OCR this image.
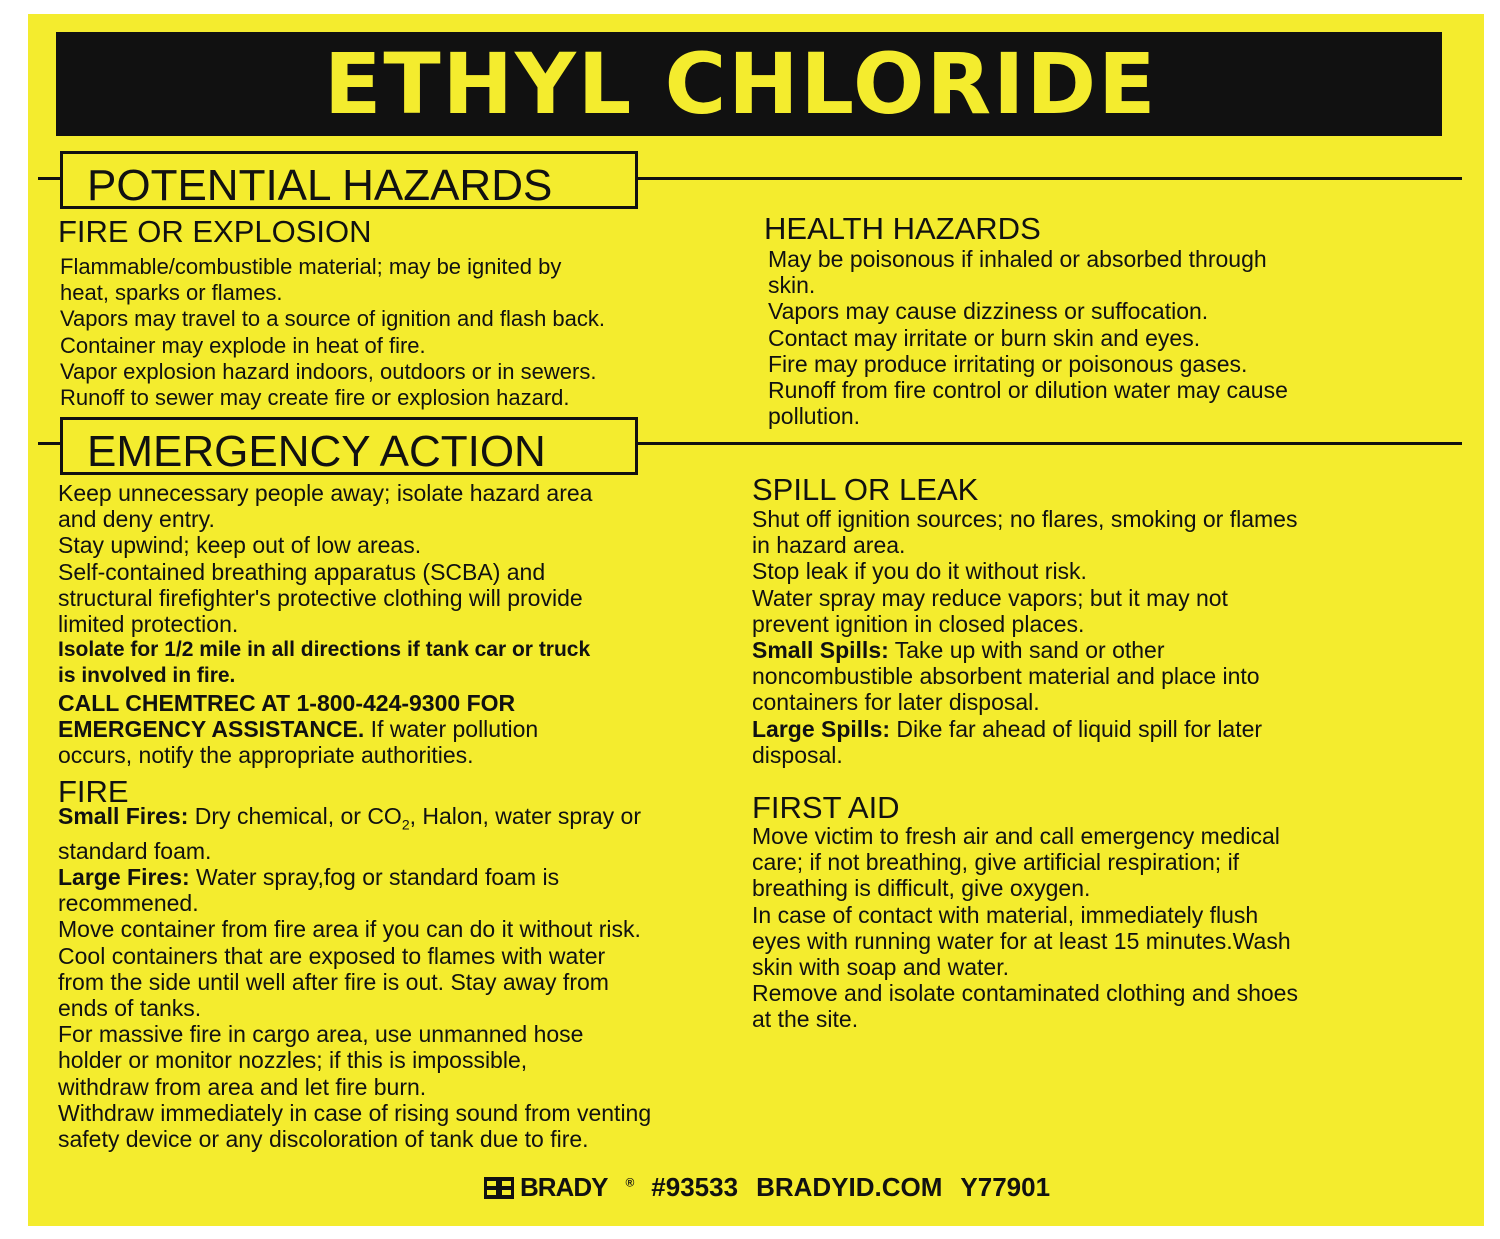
ETHYL CHLORIDE
POTENTIAL HAZARDS
FIRE OR EXPLOSION
Flammable/combustible material; may be ignited by
heat, sparks or flames.
Vapors may travel to a source of ignition and flash back.
Container may explode in heat of fire.
Vapor explosion hazard indoors, outdoors or in sewers.
Runoff to sewer may create fire or explosion hazard.
HEALTH HAZARDS
May be poisonous if inhaled or absorbed through
skin.
Vapors may cause dizziness or suffocation.
Contact may irritate or burn skin and eyes.
Fire may produce irritating or poisonous gases.
Runoff from fire control or dilution water may cause
pollution.
EMERGENCY ACTION
Keep unnecessary people away; isolate hazard area
and deny entry.
Stay upwind; keep out of low areas.
Self-contained breathing apparatus (SCBA) and
structural firefighter's protective clothing will provide
limited protection.
Isolate for 1/2 mile in all directions if tank car or truck
is involved in fire.
CALL CHEMTREC AT 1-800-424-9300 FOR
EMERGENCY ASSISTANCE. If water pollution
occurs, notify the appropriate authorities.
FIRE
Small Fires: Dry chemical, or $CO_2$, Halon, water spray or
standard foam.
Large Fires: Water spray,fog or standard foam is
recommened.
Move container from fire area if you can do it without risk.
Cool containers that are exposed to flames with water
from the side until well after fire is out. Stay away from
ends of tanks.
For massive fire in cargo area, use unmanned hose
holder or monitor nozzles; if this is impossible,
withdraw from area and let fire burn.
Withdraw immediately in case of rising sound from venting
safety device or any discoloration of tank due to fire.
SPILL OR LEAK
Shut off ignition sources; no flares, smoking or flames
in hazard area.
Stop leak if you do it without risk.
Water spray may reduce vapors; but it may not
prevent ignition in closed places.
Small Spills: Take up with sand or other
noncombustible absorbent material and place into
containers for later disposal.
Large Spills: Dike far ahead of liquid spill for later
disposal.
FIRST AID
Move victim to fresh air and call emergency medical
care; if not breathing, give artificial respiration; if
breathing is difficult, give oxygen.
In case of contact with material, immediately flush
eyes with running water for at least 15 minutes.Wash
skin with soap and water.
Remove and isolate contaminated clothing and shoes
at the site.
BRADY ® #93533 BRADYID.COM Y77901
